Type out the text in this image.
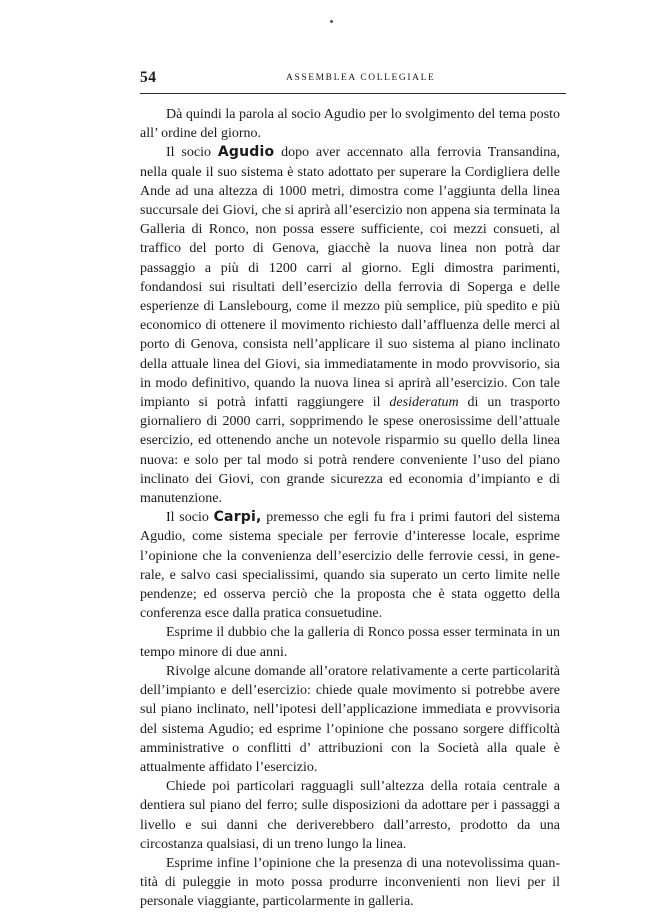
54	ASSEMBLEA COLLEGIALE

Dà quindi la parola al socio Agudio per lo svolgimento del tema posto all’ ordine del giorno.

Il socio Agudio dopo aver accennato alla ferrovia Transandina, nella quale il suo sistema è stato adottato per superare la Cordigliera delle Ande ad una altezza di 1000 metri, dimostra come l’aggiunta della linea succursale dei Giovi, che si aprirà all’esercizio non appena sia terminata la Galleria di Ronco, non possa essere sufficiente, coi mezzi consueti, al traffico del porto di Genova, giacchè la nuova linea non potrà dar passaggio a più di 1200 carri al giorno. Egli dimostra parimenti, fondandosi sui risultati dell’esercizio della ferrovia di Soperga e delle esperienze di Lanslebourg, come il mezzo più semplice, più spedito e più economico di ottenere il movimento richiesto dall’affluenza delle merci al porto di Genova, consista nell’applicare il suo sistema al piano inclinato della attuale linea del Giovi, sia immediatamente in modo provvisorio, sia in modo definitivo, quando la nuova linea si aprirà all’esercizio. Con tale impianto si potrà infatti raggiungere il desideratum di un trasporto giornaliero di 2000 carri, sopprimendo le spese onerosissime dell’attuale esercizio, ed ottenendo anche un notevole risparmio su quello della linea nuova: e solo per tal modo si potrà rendere conveniente l’uso del piano inclinato dei Giovi, con grande sicurezza ed economia d’impianto e di manutenzione.

Il socio Carpi, premesso che egli fu fra i primi fautori del sistema Agudio, come sistema speciale per ferrovie d’interesse locale, esprime l’opinione che la convenienza dell’esercizio delle ferrovie cessi, in generale, e salvo casi specialissimi, quando sia superato un certo limite nelle pendenze; ed osserva perciò che la proposta che è stata oggetto della conferenza esce dalla pratica consuetudine.

Esprime il dubbio che la galleria di Ronco possa esser terminata in un tempo minore di due anni.

Rivolge alcune domande all’oratore relativamente a certe particolarità dell’impianto e dell’esercizio: chiede quale movimento si potrebbe avere sul piano inclinato, nell’ipotesi dell’applicazione immediata e provvisoria del sistema Agudio; ed esprime l’opinione che possano sorgere difficoltà amministrative o conflitti d’ attribuzioni con la Società alla quale è attualmente affidato l’esercizio.

Chiede poi particolari ragguagli sull’altezza della rotaia centrale a dentiera sul piano del ferro; sulle disposizioni da adottare per i passaggi a livello e sui danni che deriverebbero dall’arresto, prodotto da una circostanza qualsiasi, di un treno lungo la linea.

Esprime infine l’opinione che la presenza di una notevolissima quantità di puleggie in moto possa produrre inconvenienti non lievi per il personale viaggiante, particolarmente in galleria.
